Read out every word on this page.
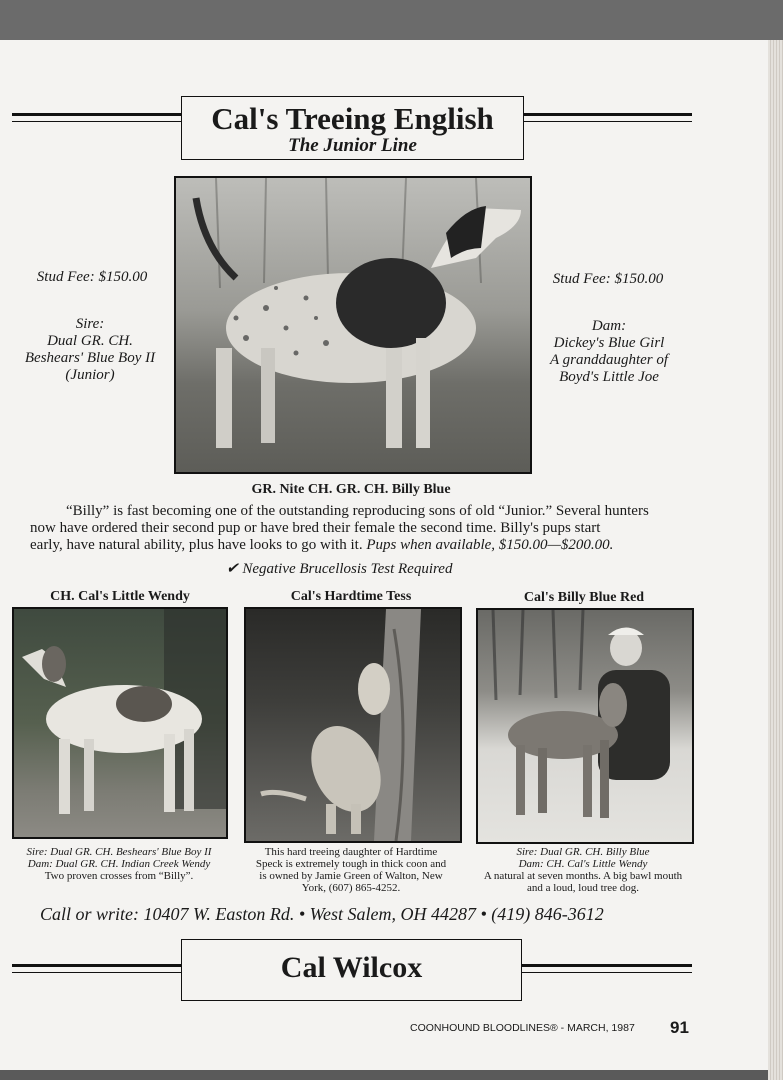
Cal's Treeing English
The Junior Line
Stud Fee: $150.00
Sire:
Dual GR. CH.
Beshears' Blue Boy II
(Junior)
Stud Fee: $150.00
Dam:
Dickey's Blue Girl
A granddaughter of
Boyd's Little Joe
GR. Nite CH. GR. CH. Billy Blue
“Billy” is fast becoming one of the outstanding reproducing sons of old “Junior.” Several hunters
now have ordered their second pup or have bred their female the second time. Billy's pups start
early, have natural ability, plus have looks to go with it. Pups when available, $150.00—$200.00.
✔ Negative Brucellosis Test Required
CH. Cal's Little Wendy
Sire: Dual GR. CH. Beshears' Blue Boy II
Dam: Dual GR. CH. Indian Creek Wendy
Two proven crosses from “Billy”.
Cal's Hardtime Tess
This hard treeing daughter of Hardtime
Speck is extremely tough in thick coon and
is owned by Jamie Green of Walton, New
York, (607) 865-4252.
Cal's Billy Blue Red
Sire: Dual GR. CH. Billy Blue
Dam: CH. Cal's Little Wendy
A natural at seven months. A big bawl mouth
and a loud, loud tree dog.
Call or write: 10407 W. Easton Rd. • West Salem, OH 44287 • (419) 846-3612
Cal Wilcox
COONHOUND BLOODLINES® - MARCH, 1987	91
